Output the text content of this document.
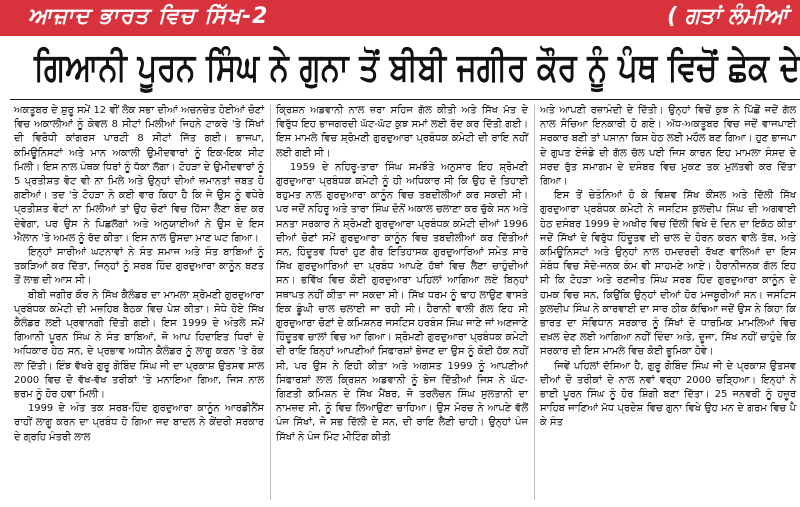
ਆਜ਼ਾਦ ਭਾਰਤ ਵਿਚ ਸਿੱਖ-2	( ਗਤਾਂ ਲੰਮੀਆਂ
ਗਿਆਨੀ ਪੂਰਨ ਸਿੰਘ ਨੇ ਗੁਨਾ ਤੋਂ ਬੀਬੀ ਜਗੀਰ ਕੌਰ ਨੂੰ ਪੰਥ ਵਿਚੋਂ ਛੇਕ ਦੇ

ਅਕਤੂਬਰ ਦੇ ਸ਼ੁਰੂ ਸਮੇਂ 12 ਵੀਂ ਲੋਕ ਸਭਾ ਦੀਆਂ ਅਚਨਚੇਤ ਹੋਈਆਂ ਚੋਣਾਂ ਵਿਚ ਅਕਾਲੀਆਂ ਨੂੰ ਕੇਵਲ 8 ਸੀਟਾਂ ਮਿਲੀਆਂ ਜਿਹਨੇ ਟਾਕਰੇ 'ਤੇ ਸਿੱਖਾਂ ਦੀ ਵਿਰੋਧੀ ਕਾਂਗਰਸ ਪਾਰਟੀ 8 ਸੀਟਾਂ ਜਿੱਤ ਗਈ। ਭਾਜਪਾ, ਕਮਿਊਨਿਸਟਾਂ ਅਤੇ ਮਾਨ ਅਕਾਲੀ ਉਮੀਦਵਾਰਾਂ ਨੂੰ ਇਕ-ਇਕ ਸੀਟ ਮਿਲੀ। ਇਸ ਨਾਲ ਪੰਥਕ ਧਿਰਾਂ ਨੂੰ ਧੱਕਾ ਲੱਗਾ। ਟੋਹੜਾ ਦੇ ਉਮੀਦਵਾਰਾਂ ਨੂੰ 5 ਪ੍ਰਤੀਸ਼ਤ ਵੋਟ ਵੀ ਨਾ ਮਿਲੇ ਅਤੇ ਉਨ੍ਹਾਂ ਦੀਆਂ ਜ਼ਮਾਨਤਾਂ ਜ਼ਬਤ ਹੋ ਗਈਆਂ। ਤਦ 'ਤੇ ਟੋਹੜਾ ਨੇ ਕਈ ਵਾਰ ਕਿਹਾ ਹੈ ਕਿ ਜੇ ਉਸ ਨੂੰ ਵਧੇਰੇ ਪ੍ਰਤੀਸ਼ਤ ਵੋਟਾਂ ਨਾ ਮਿਲੀਆਂ ਤਾਂ ਉਹ ਚੋਣਾਂ ਵਿਚ ਹਿੱਸਾ ਲੈਣਾ ਬੰਦ ਕਰ ਦੇਵੇਗਾ, ਪਰ ਉਸ ਨੇ ਪਿਛਲੱਗਾਂ ਅਤੇ ਅਨੁਯਾਈਆਂ ਨੇ ਉਸ ਦੇ ਇਸ ਐਲਾਨ 'ਤੇ ਅਮਲ ਨੂੰ ਰੱਦ ਕੀਤਾ। ਇਸ ਨਾਲ ਉਸਦਾ ਮਾਣ ਘਟ ਗਿਆ।

ਇਨ੍ਹਾਂ ਸਾਰੀਆਂ ਘਟਨਾਵਾਂ ਨੇ ਸੰਤ ਸਮਾਜ ਅਤੇ ਸੰਤ ਬਾਬਿਆਂ ਨੂੰ ਤਕੜਿਆਂ ਕਰ ਦਿੱਤਾ, ਜਿਨ੍ਹਾਂ ਨੂੰ ਸਰਬ ਹਿੰਦ ਗੁਰਦੁਆਰਾ ਕਾਨੂੰਨ ਬਣਤ ਤੋਂ ਲਾਭ ਦੀ ਆਸ ਸੀ।

ਬੀਬੀ ਜਗੀਰ ਕੌਰ ਨੇ ਸਿੱਖ ਕੈਲੰਡਰ ਦਾ ਮਾਮਲਾ ਸ਼੍ਰੋਮਣੀ ਗੁਰਦੁਆਰਾ ਪ੍ਰਬੰਧਕ ਕਮੇਟੀ ਦੀ ਮਜ਼ਹਿਬ ਬੈਠਕ ਵਿਚ ਪੇਸ਼ ਕੀਤਾ। ਸੋਧੇ ਹੋਏ ਸਿੱਖ ਕੈਲੰਡਰ ਲਈ ਪ੍ਰਵਾਨਗੀ ਦਿੱਤੀ ਗਈ। ਇਸ 1999 ਦੇ ਅੰਤਲੇ ਸਮੇਂ ਗਿਆਨੀ ਪੂਰਨ ਸਿੰਘ ਨੇ ਸੰਤ ਬਾਬਿਆਂ, ਜੋ ਆਪ ਹਿਦਾਇਤ ਧਿਰਾਂ ਦੇ ਅਧਿਕਾਰ ਹੇਠ ਸਨ, ਦੇ ਪ੍ਰਭਾਵ ਅਧੀਨ ਕੈਲੰਡਰ ਨੂੰ ਲਾਗੂ ਕਰਨ 'ਤੇ ਰੋਕ ਲਾ ਦਿੱਤੀ। ਇੰਝ ਵੱਖਰੇ ਗੁਰੂ ਗੋਬਿੰਦ ਸਿੰਘ ਜੀ ਦਾ ਪ੍ਰਕਾਸ਼ ਉਤਸਵ ਸਾਲ 2000 ਵਿਚ ਦੋ ਵੱਖ-ਵੱਖ ਤਰੀਕਾਂ 'ਤੇ ਮਨਾਇਆ ਗਿਆ, ਜਿਸ ਨਾਲ ਭਰਮ ਨੂੰ ਹੋਰ ਹਵਾ ਮਿਲੀ।

1999 ਦੇ ਅੰਤ ਤਕ ਸਰਬ-ਹਿੰਦ ਗੁਰਦੁਆਰਾ ਕਾਨੂੰਨ ਆਰਡੀਨੈਂਸ ਰਾਹੀਂ ਲਾਗੂ ਕਰਨ ਦਾ ਪ੍ਰਬੰਧ ਹੋ ਗਿਆ ਜਦ ਬਾਦਲ ਨੇ ਕੇਂਦਰੀ ਸਰਕਾਰ ਦੇ ਗ੍ਰਹਿ ਮੰਤਰੀ ਲਾਲ

ਕ੍ਰਿਸ਼ਨ ਅਡਵਾਨੀ ਨਾਲ ਜ਼ਰਾ ਸਹਿਜ ਗੱਲ ਕੀਤੀ ਅਤੇ ਸਿੱਖ ਮੱਤ ਦੇ ਵਿਰੁੱਧ ਇਹ ਭਾਜਗਰਦੀ ਘੱਟ-ਘੱਟ ਕੁਝ ਸਮਾਂ ਲਈ ਰੱਦ ਕਰ ਦਿੱਤੀ ਗਈ। ਇਸ ਮਾਮਲੇ ਵਿਚ ਸ਼੍ਰੋਮਣੀ ਗੁਰਦੁਆਰਾ ਪ੍ਰਬੰਧਕ ਕਮੇਟੀ ਦੀ ਰਾਇ ਨਹੀਂ ਲਈ ਗਈ ਸੀ।

1959 ਦੇ ਨਹਿਰੂ-ਤਾਰਾ ਸਿੰਘ ਸਮਝੌਤੇ ਅਨੁਸਾਰ ਇਹ ਸ਼੍ਰੋਮਣੀ ਗੁਰਦੁਆਰਾ ਪ੍ਰਬੰਧਕ ਕਮੇਟੀ ਨੂੰ ਹੀ ਅਧਿਕਾਰ ਸੀ ਕਿ ਉਹ ਦੋ ਤਿਹਾਈ ਬਹੁਮਤ ਨਾਲ ਗੁਰਦੁਆਰਾ ਕਾਨੂੰਨ ਵਿਚ ਤਬਦੀਲੀਆਂ ਕਰ ਸਕਦੀ ਸੀ। ਪਰ ਜਦੋਂ ਨਹਿਰੂ ਅਤੇ ਤਾਰਾ ਸਿੰਘ ਦੋਨੋਂ ਅਕਾਲ ਚਲਾਣਾ ਕਰ ਚੁੱਕੇ ਸਨ ਅਤੇ ਸਨਤਾ ਸਰਕਾਰ ਨੇ ਸ਼੍ਰੋਮਣੀ ਗੁਰਦੁਆਰਾ ਪ੍ਰਬੰਧਕ ਕਮੇਟੀ ਦੀਆਂ 1996 ਦੀਆਂ ਚੋਣਾਂ ਸਮੇਂ ਗੁਰਦੁਆਰਾ ਕਾਨੂੰਨ ਵਿਚ ਤਬਦੀਲੀਆਂ ਕਰ ਦਿੱਤੀਆਂ ਸਨ, ਹਿੰਦੂਤਵ ਧਿਰਾਂ ਹੁਣ ਗੈਰ ਇਤਿਹਾਸਕ ਗੁਰਦੁਆਰਿਆਂ ਸਮੇਤ ਸਾਰੇ ਸਿੱਖ ਗੁਰਦੁਆਰਿਆਂ ਦਾ ਪ੍ਰਬੰਧ ਆਪਣੇ ਹੱਥਾਂ ਵਿਚ ਲੈਣਾ ਚਾਹੁੰਦੀਆਂ ਸਨ। ਭਵਿੱਖ ਵਿਚ ਕੋਈ ਗੁਰਦੁਆਰਾ ਪਹਿਲਾਂ ਆਗਿਆ ਲਏ ਬਿਨ੍ਹਾਂ ਸਥਾਪਤ ਨਹੀਂ ਕੀਤਾ ਜਾ ਸਕਦਾ ਸੀ। ਸਿੱਖ ਧਰਮ ਨੂੰ ਢਾਹ ਲਾਉਣ ਵਾਸਤੇ ਇਕ ਡੂੰਘੀ ਚਾਲ ਚਲਾਈ ਜਾ ਰਹੀ ਸੀ। ਹੈਰਾਨੀ ਵਾਲੀ ਗੱਲ ਇਹ ਸੀ ਗੁਰਦੁਆਰਾ ਚੋਣਾਂ ਦੇ ਕਮਿਸ਼ਨਰ ਜਸਟਿਸ ਹਰਬੰਸ ਸਿੰਘ ਜਾਣੇ ਜਾਂ ਅਣਜਾਣੇ ਹਿੰਦੂਤਵ ਚਾਲਾਂ ਵਿਚ ਆ ਗਿਆ। ਸ਼੍ਰੋਮਣੀ ਗੁਰਦੁਆਰਾ ਪ੍ਰਬੰਧਕ ਕਮੇਟੀ ਦੀ ਰਾਇ ਬਿਨ੍ਹਾਂ ਆਪਣੀਆਂ ਸਿਫਾਰਸ਼ਾਂ ਭੇਜਣ ਦਾ ਉਸ ਨੂੰ ਕੋਈ ਹੱਕ ਨਹੀਂ ਸੀ, ਪਰ ਉਸ ਨੇ ਇਹੀ ਕੀਤਾ ਅਤੇ ਅਗਸਤ 1999 ਨੂੰ ਆਪਣੀਆਂ ਸਿਫਾਰਸ਼ਾਂ ਲਾਲ ਕ੍ਰਿਸ਼ਨ ਅਡਵਾਨੀ ਨੂੰ ਭੇਜ ਦਿੱਤੀਆਂ ਜਿਸ ਨੇ ਘੱਟ-ਗਿਣਤੀ ਕਮਿਸ਼ਨ ਦੇ ਸਿੱਖ ਮੈਂਬਰ, ਜੋ ਤਰਲੋਚਨ ਸਿੰਘ ਸੁਲਤਾਨੀ ਦਾ ਨਾਮਜ਼ਦ ਸੀ, ਨੂੰ ਵਿਚ ਲਿਆਉਣਾ ਚਾਹਿਆ। ਉਸ ਮੋਰਚ ਨੇ ਆਪਣੇ ਵੱਲੋਂ ਪੰਜ ਸਿੱਖਾਂ, ਜੋ ਸਭ ਦਿੱਲੀ ਦੇ ਸਨ, ਦੀ ਰਾਇ ਲੈਣੀ ਚਾਹੀ। ਉਨ੍ਹਾਂ ਪੰਜ ਸਿੱਖਾਂ ਨੇ ਪੰਜ ਮਿੰਟ ਮੀਟਿੰਗ ਕੀਤੀ

ਅਤੇ ਆਪਣੀ ਰਜ਼ਾਮੰਦੀ ਦੇ ਦਿੱਤੀ। ਉਨ੍ਹਾਂ ਵਿਚੋਂ ਕੁਝ ਨੇ ਪਿੱਛੋਂ ਜਦੋਂ ਗੱਲ ਨਾਲ ਸੋਚਿਆ ਇਨਕਾਰੀ ਹੋ ਗਏ। ਅੱਧ-ਅਕਤੂਬਰ ਵਿਚ ਜਦੋਂ ਵਾਜਪਾਈ ਸਰਕਾਰ ਬਣੀ ਤਾਂ ਪਸਾਨਾ ਕਿਸ ਹੇਠ ਲਈ ਮਹੌਲ ਬਣ ਗਿਆ। ਹੁਣ ਭਾਜਪਾ ਦੇ ਗੁਪਤ ਏਜੰਡੇ ਦੀ ਗੱਲ ਚੱਲ ਪਈ ਜਿਸ ਕਾਰਨ ਇਹ ਮਾਮਲਾ ਸੰਸਦ ਦੇ ਸਰਦ ਰੁੱਤ ਸਮਾਗਮ ਦੇ ਦਸੰਬਰ ਵਿਚ ਮੁਕਣ ਤਕ ਮੁਲਤਵੀ ਕਰ ਦਿੱਤਾ ਗਿਆ।

ਇਸ ਤੋਂ ਚੇਤੰਨਿਆਂ ਹੋ ਕੇ ਵਿਸ਼ਵ ਸਿੱਖ ਕੌਂਸਲ ਅਤੇ ਦਿੱਲੀ ਸਿੱਖ ਗੁਰਦੁਆਰਾ ਪ੍ਰਬੰਧਕ ਕਮੇਟੀ ਨੇ ਜਸਟਿਸ ਕੁਲਦੀਪ ਸਿੰਘ ਦੀ ਅਗਵਾਈ ਹੇਠ ਦਸੰਬਰ 1999 ਦੇ ਅਖੀਰ ਵਿਚ ਦਿੱਲੀ ਵਿਖੇ ਦੋ ਦਿਨ ਦਾ ਇਕੱਠ ਕੀਤਾ ਜਦੋਂ ਸਿੱਖਾਂ ਦੇ ਵਿਰੁੱਧ ਹਿੰਦੂਤਵ ਦੀ ਚਾਲ ਦੇ ਹੋਰਨ ਕਰਨ ਵਾਲੇ ਤੱਥ, ਅਤੇ ਕਮਿਊਨਿਸਟਾਂ ਅਤੇ ਉਨ੍ਹਾਂ ਨਾਲ ਹਮਦਰਦੀ ਰੱਖਣ ਵਾਲਿਆਂ ਦਾ ਇਸ ਸੰਬੰਧ ਵਿਚ ਸੋਦੇ-ਜਨਕ ਕੰਮ ਵੀ ਸਾਹਮਣੇ ਆਏ। ਹੈਰਾਨੀਜਨਕ ਗੱਲ ਇਹ ਸੀ ਕਿ ਟੋਹੜਾ ਅਤੇ ਰਣਜੀਤ ਸਿੰਘ ਸਰਬ ਹਿੰਦ ਗੁਰਦੁਆਰਾ ਕਾਨੂੰਨ ਦੇ ਹਮਕ ਵਿਚ ਸਨ, ਕਿਉਂਕਿ ਉਨ੍ਹਾਂ ਦੀਆਂ ਹੋਰ ਮਜਬੂਰੀਆਂ ਸਨ। ਜਸਟਿਸ ਕੁਲਦੀਪ ਸਿੰਘ ਨੇ ਕਾਰਵਾਈ ਦਾ ਸਾਰ ਠੀਕ ਕੱਢਿਆ ਜਦੋਂ ਉਸ ਨੇ ਕਿਹਾ ਕਿ ਭਾਰਤ ਦਾ ਸੰਵਿਧਾਨ ਸਰਕਾਰ ਨੂੰ ਸਿੱਖਾਂ ਦੇ ਧਾਰਮਿਕ ਮਾਮਲਿਆਂ ਵਿਚ ਦਖ਼ਲ ਦੇਣ ਲਈ ਆਗਿਆ ਨਹੀਂ ਦਿੰਦਾ ਅਤੇ, ਦੂਜਾ, ਸਿੱਖ ਨਹੀਂ ਚਾਹੁੰਦੇ ਕਿ ਸਰਕਾਰ ਦੀ ਇਸ ਮਾਮਲੇ ਵਿਚ ਕੋਈ ਭੂਮਿਕਾ ਹੋਵੇ।

ਜਿਵੇਂ ਪਹਿਲਾਂ ਦੱਸਿਆ ਹੈ, ਗੁਰੂ ਗੋਬਿੰਦ ਸਿੰਘ ਜੀ ਦੇ ਪ੍ਰਕਾਸ਼ ਉਤਸਵ ਦੀਆਂ ਦੋ ਤਰੀਕਾਂ ਦੇ ਨਾਲ ਨਵਾਂ ਵਰ੍ਹਾ 2000 ਚੜ੍ਹਿਆ। ਇਨ੍ਹਾਂ ਨੇ ਭਾਈ ਪੂਰਨ ਸਿੰਘ ਨੂੰ ਹੋਰ ਸ਼ਿੰਗੀ ਬਣਾ ਦਿੱਤਾ। 25 ਜਨਵਰੀ ਨੂੰ ਹਜ਼ੂਰ ਸਾਹਿਬ ਜਾਣਿਆਂ ਮੱਧ ਪ੍ਰਦੇਸ਼ ਵਿਚ ਗੁਨਾ ਵਿਖੇ ਉਹ ਮਨ ਦੇ ਗਰਮ ਵਿਚ ਪੈ ਕੇ ਸੰਤ
